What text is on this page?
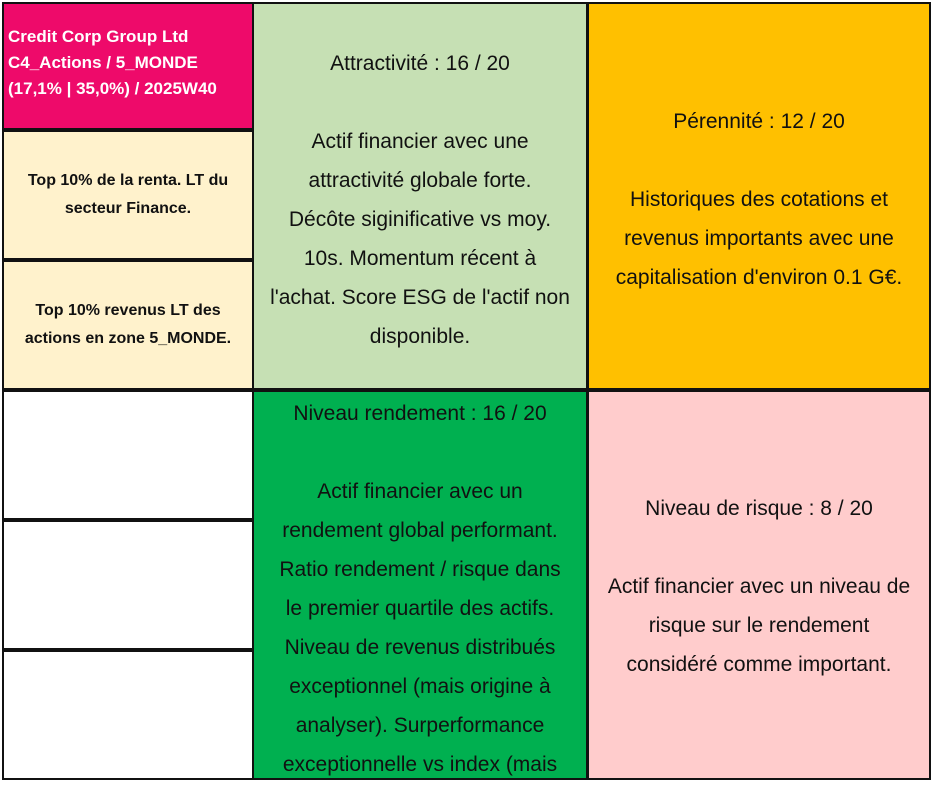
Credit Corp Group Ltd
C4_Actions / 5_MONDE
(17,1% | 35,0%) / 2025W40
Top 10% de la renta. LT du
secteur Finance.
Top 10% revenus LT des
actions en zone 5_MONDE.
Attractivité : 16 / 20
Actif financier avec une
attractivité globale forte.
Décôte siginificative vs moy.
10s. Momentum récent à
l'achat. Score ESG de l'actif non
disponible.
Pérennité : 12 / 20
Historiques des cotations et
revenus importants avec une
capitalisation d'environ 0.1 G€.
Niveau rendement : 16 / 20
Actif financier avec un
rendement global performant.
Ratio rendement / risque dans
le premier quartile des actifs.
Niveau de revenus distribués
exceptionnel (mais origine à
analyser). Surperformance
exceptionnelle vs index (mais
Niveau de risque : 8 / 20
Actif financier avec un niveau de
risque sur le rendement
considéré comme important.
